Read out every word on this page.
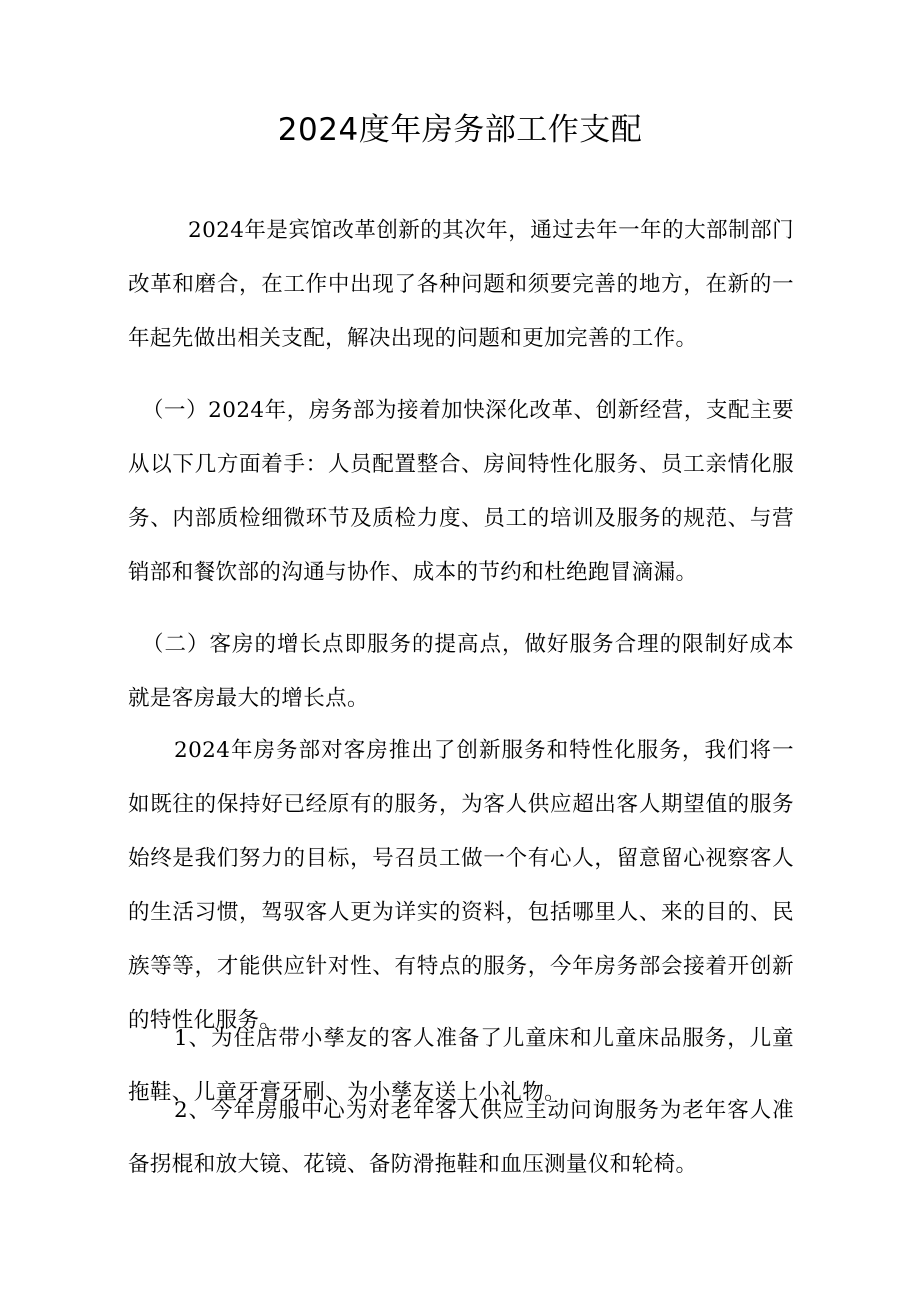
2024度年房务部工作支配

2024年是宾馆改革创新的其次年，通过去年一年的大部制部门改革和磨合，在工作中出现了各种问题和须要完善的地方，在新的一年起先做出相关支配，解决出现的问题和更加完善的工作。

（一）2024年，房务部为接着加快深化改革、创新经营，支配主要从以下几方面着手：人员配置整合、房间特性化服务、员工亲情化服务、内部质检细微环节及质检力度、员工的培训及服务的规范、与营销部和餐饮部的沟通与协作、成本的节约和杜绝跑冒滴漏。

（二）客房的增长点即服务的提高点，做好服务合理的限制好成本就是客房最大的增长点。

2024年房务部对客房推出了创新服务和特性化服务，我们将一如既往的保持好已经原有的服务，为客人供应超出客人期望值的服务始终是我们努力的目标，号召员工做一个有心人，留意留心视察客人的生活习惯，驾驭客人更为详实的资料，包括哪里人、来的目的、民族等等，才能供应针对性、有特点的服务，今年房务部会接着开创新的特性化服务。

1、为住店带小孳友的客人准备了儿童床和儿童床品服务，儿童拖鞋、儿童牙膏牙刷、为小孳友送上小礼物。

2、今年房服中心为对老年客人供应主动问询服务为老年客人准备拐棍和放大镜、花镜、备防滑拖鞋和血压测量仪和轮椅。
